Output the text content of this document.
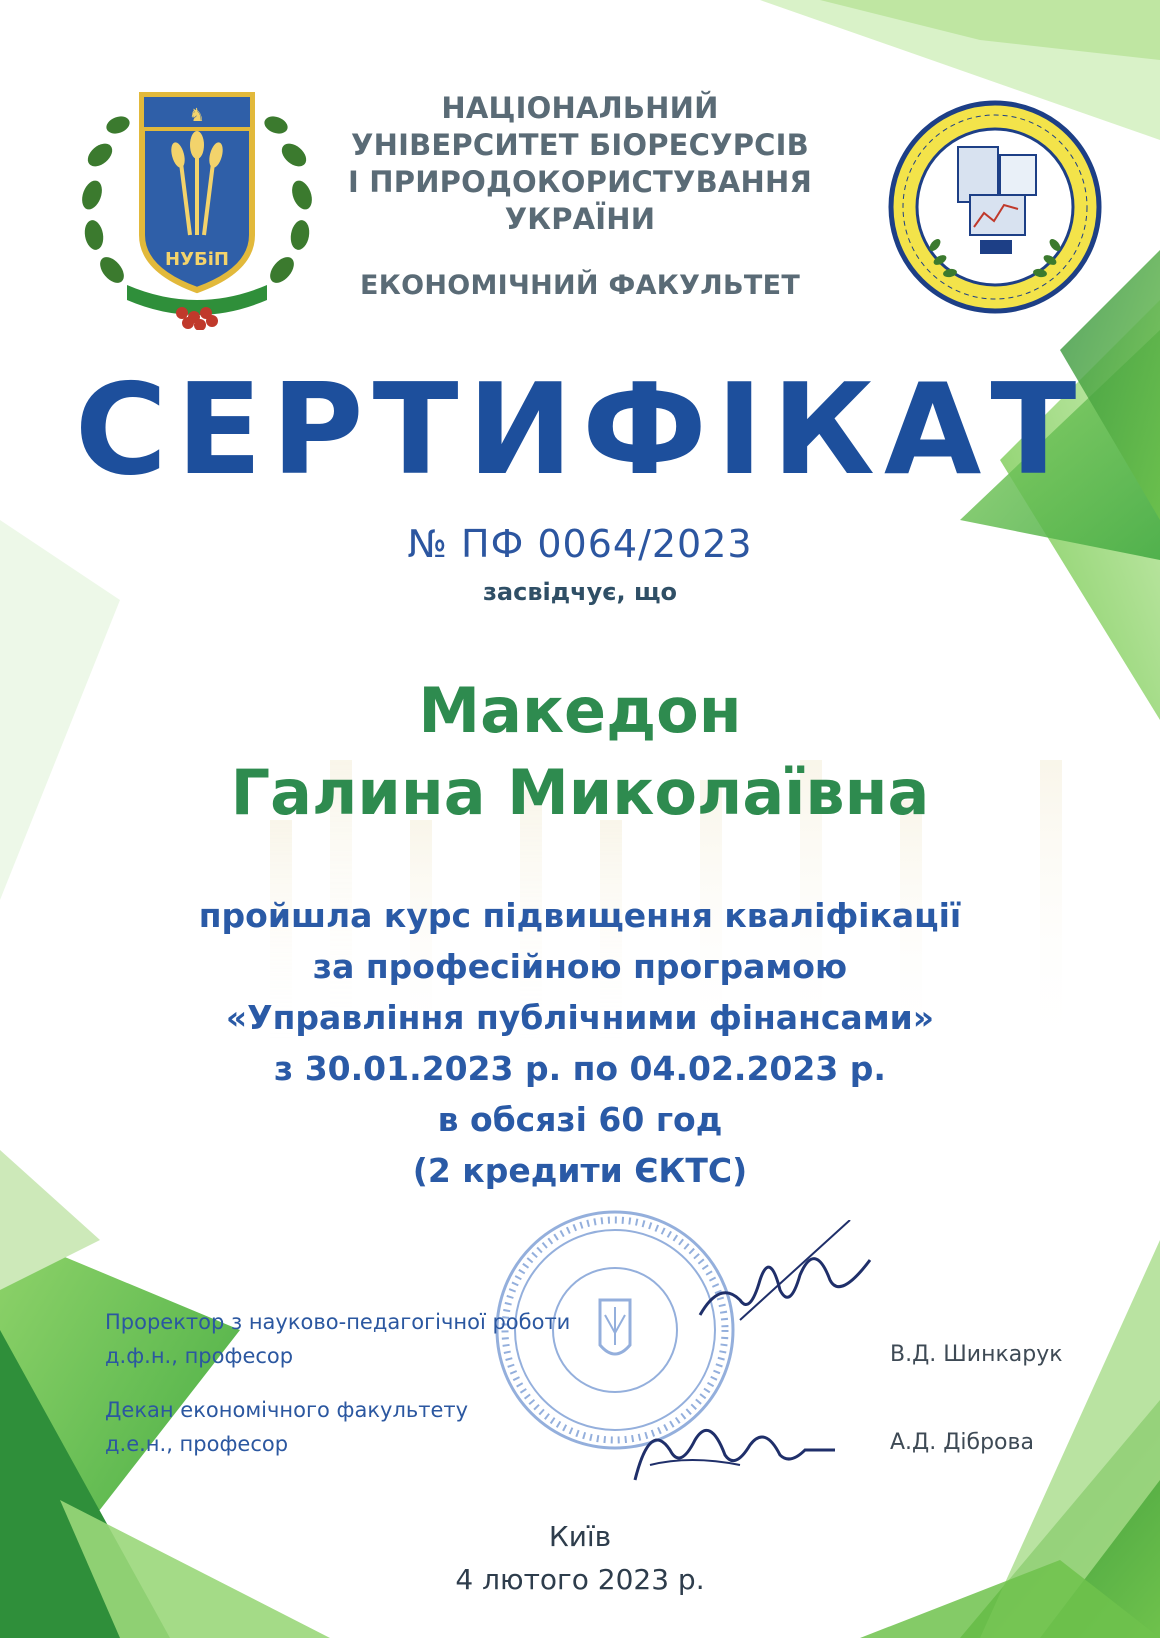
♞
НУБіП
НАЦІОНАЛЬНИЙ
УНІВЕРСИТЕТ БІОРЕСУРСІВ
І ПРИРОДОКОРИСТУВАННЯ
УКРАЇНИ
ЕКОНОМІЧНИЙ ФАКУЛЬТЕТ
СЕРТИФІКАТ
№ ПФ 0064/2023
засвідчує, що
Македон
Галина Миколаївна
пройшла курс підвищення кваліфікації
за професійною програмою
«Управління публічними фінансами»
з 30.01.2023 р. по 04.02.2023 р.
в обсязі 60 год
(2 кредити ЄКТС)
Проректор з науково-педагогічної роботи
д.ф.н., професор
Декан економічного факультету
д.е.н., професор
В.Д. Шинкарук
А.Д. Діброва
Київ
4 лютого 2023 р.
